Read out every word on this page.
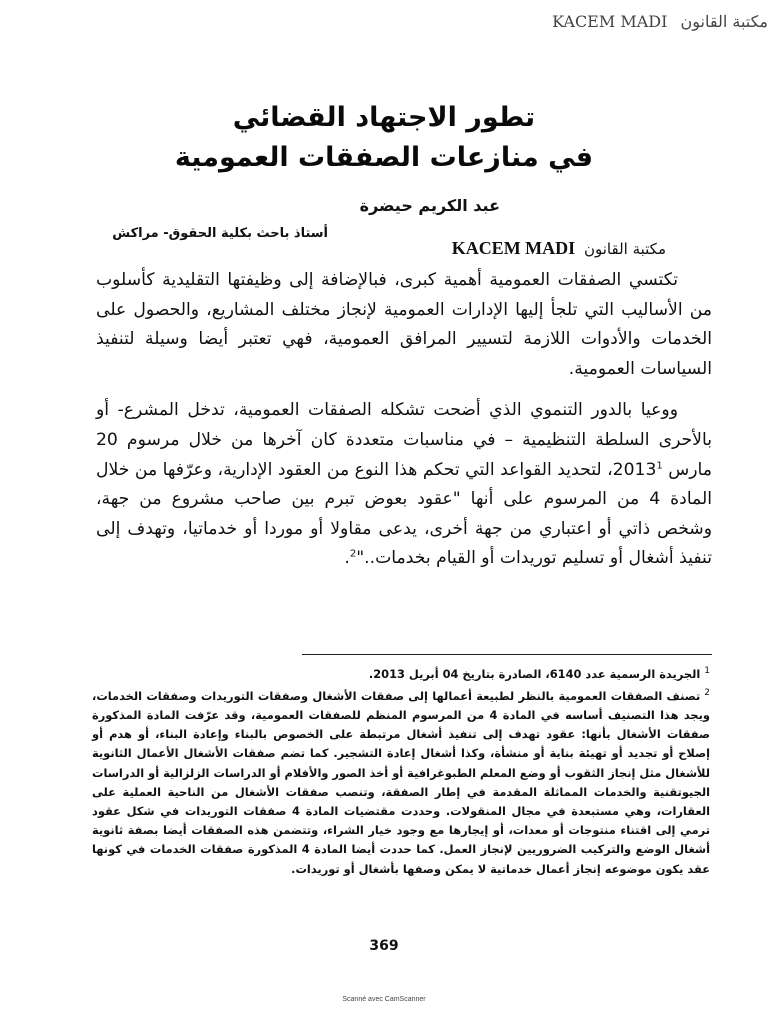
مكتبة القانون KACEM MADI
تطور الاجتهاد القضائي
في منازعات الصفقات العمومية
عبد الكريم حيضرة
أستاذ باحث بكلية الحقوق- مراكش
مكتبة القانون KACEM MADI

تكتسي الصفقات العمومية أهمية كبرى، فبالإضافة إلى وظيفتها التقليدية كأسلوب من الأساليب التي تلجأ إليها الإدارات العمومية لإنجاز مختلف المشاريع، والحصول على الخدمات والأدوات اللازمة لتسيير المرافق العمومية، فهي تعتبر أيضا وسيلة لتنفيذ السياسات العمومية.

ووعيا بالدور التنموي الذي أضحت تشكله الصفقات العمومية، تدخل المشرع- أو بالأحرى السلطة التنظيمية – في مناسبات متعددة كان آخرها من خلال مرسوم 20 مارس 2013$^1$، لتحديد القواعد التي تحكم هذا النوع من العقود الإدارية، وعرّفها من خلال المادة 4 من المرسوم على أنها "عقود بعوض تبرم بين صاحب مشروع من جهة، وشخص ذاتي أو اعتباري من جهة أخرى، يدعى مقاولا أو موردا أو خدماتيا، وتهدف إلى تنفيذ أشغال أو تسليم توريدات أو القيام بخدمات.."$^2$.

$^1$الجريدة الرسمية عدد 6140، الصادرة بتاريخ 04 أبريل 2013.

$^2$تصنف الصفقات العمومية بالنظر لطبيعة أعمالها إلى صفقات الأشغال وصفقات التوريدات وصفقات الخدمات، ويجد هذا التصنيف أساسه في المادة 4 من المرسوم المنظم للصفقات العمومية، وقد عرّفت المادة المذكورة صفقات الأشغال بأنها: عقود تهدف إلى تنفيذ أشغال مرتبطة على الخصوص بالبناء وإعادة البناء، أو هدم أو إصلاح أو تجديد أو تهيئة بناية أو منشأة، وكذا أشغال إعادة التشجير. كما تضم صفقات الأشغال الأعمال الثانوية للأشغال مثل إنجاز الثقوب أو وضع المعلم الطبوغرافية أو أخذ الصور والأفلام أو الدراسات الزلزالية أو الدراسات الجيوتقنية والخدمات المماثلة المقدمة في إطار الصفقة، وتنصب صفقات الأشغال من الناحية العملية على العقارات، وهي مستبعدة في مجال المنقولات. وحددت مقتضيات المادة 4 صفقات التوريدات في شكل عقود ترمي إلى اقتناء منتوجات أو معدات، أو إيجارها مع وجود خيار الشراء، وتتضمن هذه الصفقات أيضا بصفة ثانوية أشغال الوضع والتركيب الضروريين لإنجاز العمل. كما حددت أيضا المادة 4 المذكورة صفقات الخدمات في كونها عقد يكون موضوعه إنجاز أعمال خدماتية لا يمكن وصفها بأشغال أو توريدات.

369
Scanné avec CamScanner
